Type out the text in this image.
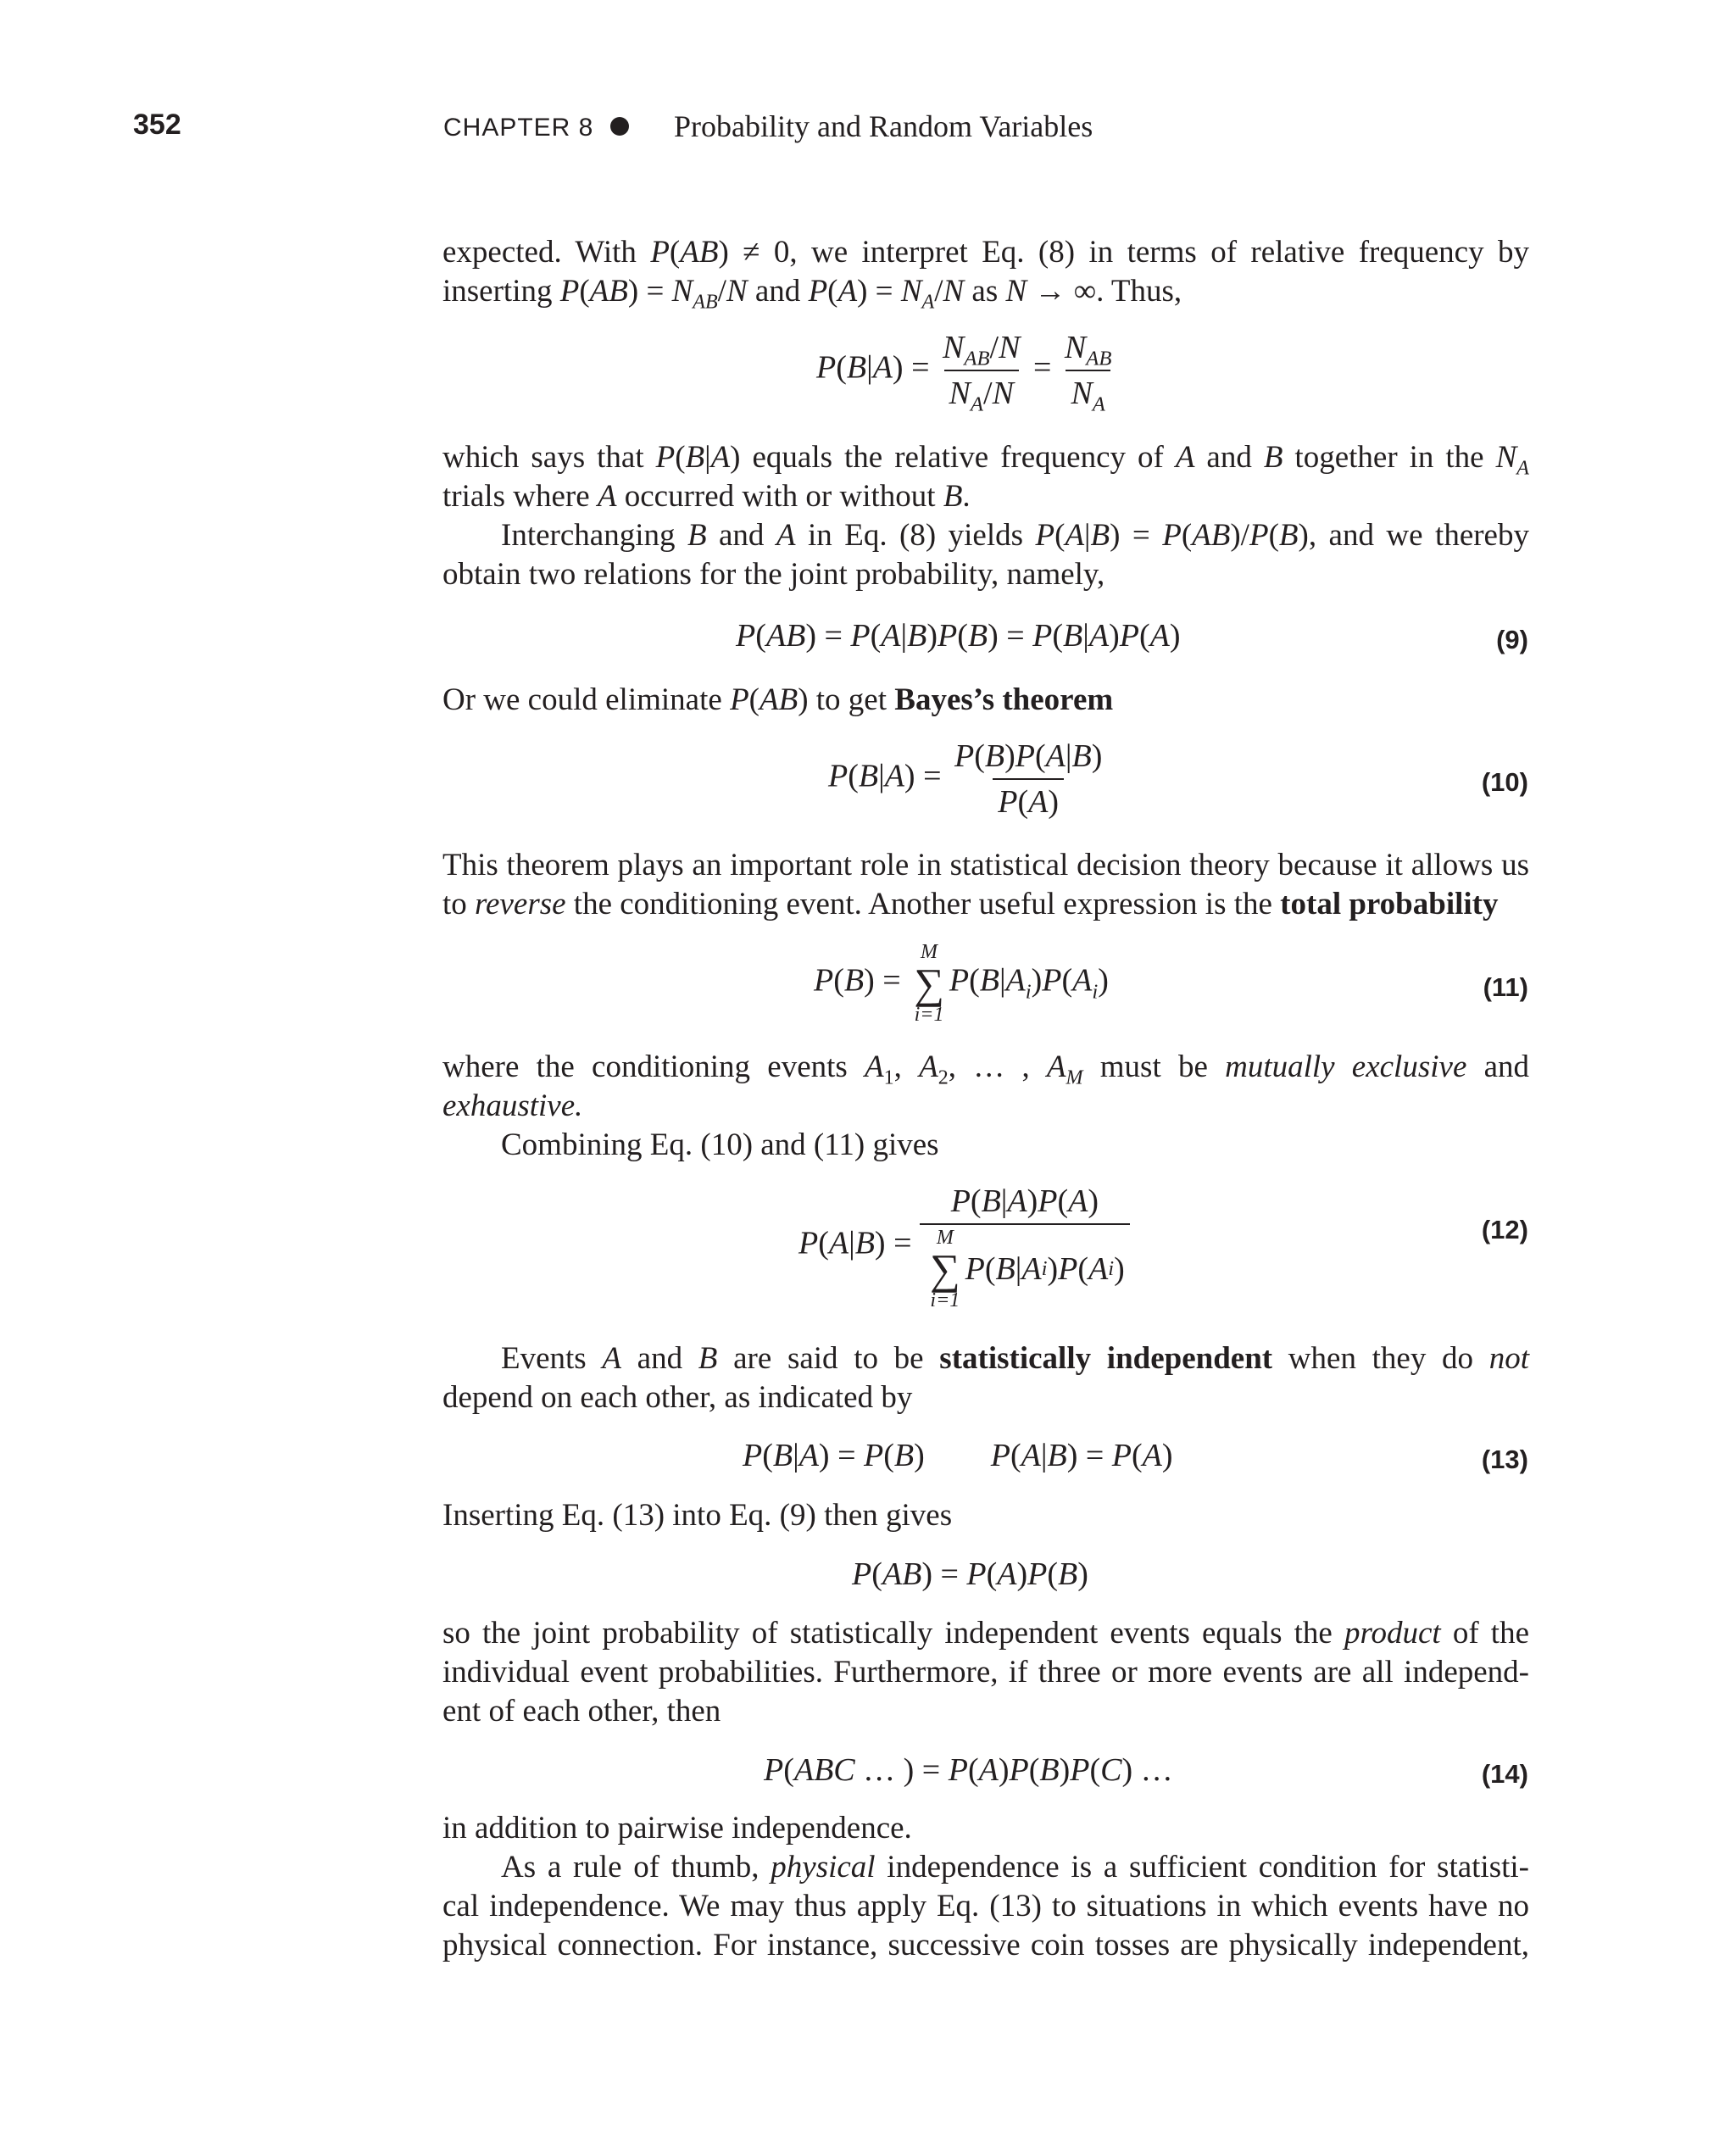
352	CHAPTER 8	Probability and Random Variables
expected. With P(AB) ≠ 0, we interpret Eq. (8) in terms of relative frequency by
inserting $P(AB) = N_{AB}/N$ and $P(A) = N_A/N$ as N → ∞. Thus,
$P(B|A) = \frac{N_{AB}/N}{N_A/N} = \frac{N_{AB}}{N_A}$
which says that P(B|A) equals the relative frequency of A and B together in the $N_A$
trials where A occurred with or without B.
Interchanging B and A in Eq. (8) yields P(A|B) = P(AB)/P(B), and we thereby
obtain two relations for the joint probability, namely,
P(AB) = P(A|B)P(B) = P(B|A)P(A)	(9)
Or we could eliminate P(AB) to get Bayes’s theorem
$P(B|A) = \frac{P(B)P(A|B)}{P(A)}$	(10)
This theorem plays an important role in statistical decision theory because it allows us
to reverse the conditioning event. Another useful expression is the total probability
P(B) =
M
∑
i=1
$P(B|A_i)P(A_i)$	(11)
where the conditioning events $A_1$, $A_2$, … , $A_M$ must be mutually exclusive and
exhaustive.
Combining Eq. (10) and (11) gives
P(A|B) = P(B|A)P(A)
M
∑
i=1
P ( B | A i ) P ( A i )	(12)
Events A and B are said to be statistically independent when they do not
depend on each other, as indicated by
P(B|A) = P(B) P(A|B) = P(A)	(13)
Inserting Eq. (13) into Eq. (9) then gives
P(AB) = P(A)P(B)
so the joint probability of statistically independent events equals the product of the
individual event probabilities. Furthermore, if three or more events are all independ-
ent of each other, then
P(ABC … ) = P(A)P(B)P(C) …	(14)
in addition to pairwise independence.
As a rule of thumb, physical independence is a sufficient condition for statisti-
cal independence. We may thus apply Eq. (13) to situations in which events have no
physical connection. For instance, successive coin tosses are physically independent,
